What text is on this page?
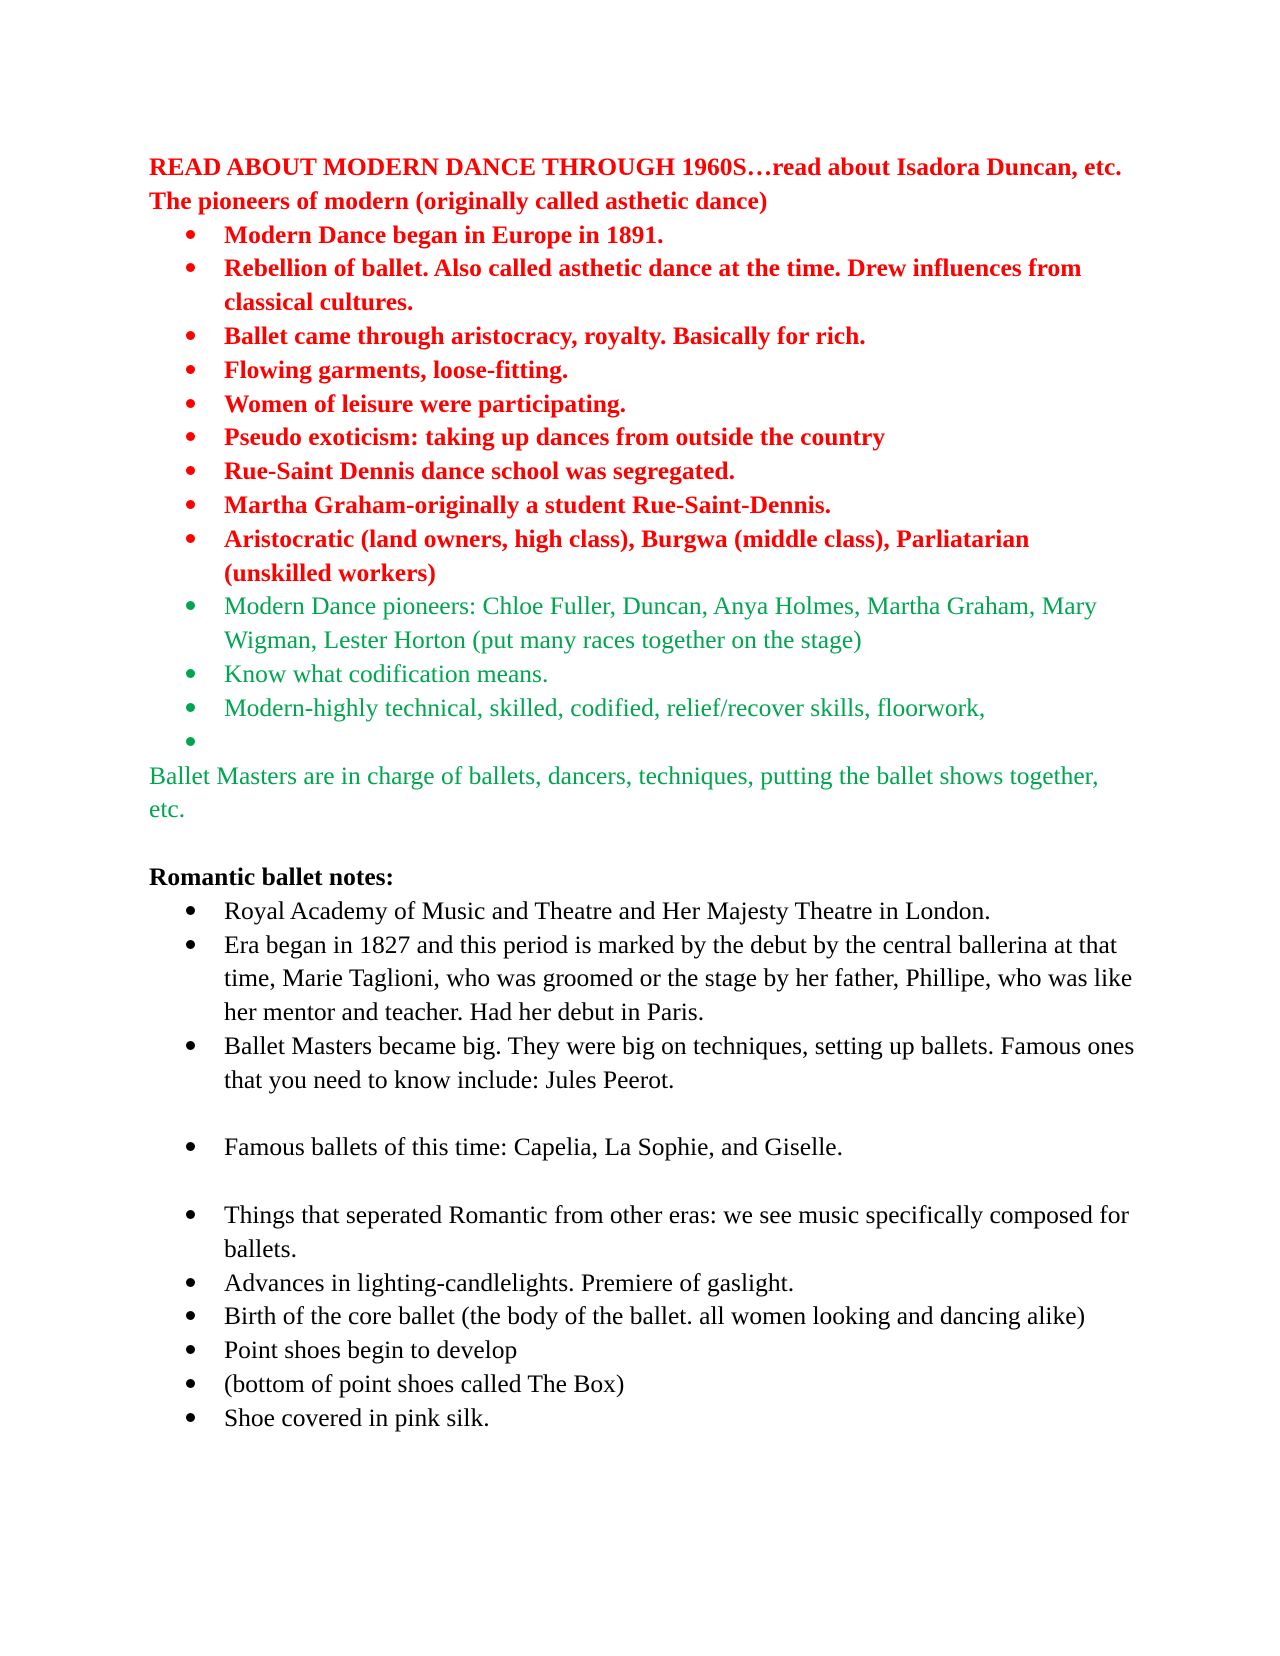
READ ABOUT MODERN DANCE THROUGH 1960S…read about Isadora Duncan, etc. The pioneers of modern (originally called asthetic dance)

Modern Dance began in Europe in 1891.
Rebellion of ballet. Also called asthetic dance at the time. Drew influences from classical cultures.
Ballet came through aristocracy, royalty. Basically for rich.
Flowing garments, loose-fitting.
Women of leisure were participating.
Pseudo exoticism: taking up dances from outside the country
Rue-Saint Dennis dance school was segregated.
Martha Graham-originally a student Rue-Saint-Dennis.
Aristocratic (land owners, high class), Burgwa (middle class), Parliatarian (unskilled workers)
Modern Dance pioneers: Chloe Fuller, Duncan, Anya Holmes, Martha Graham, Mary Wigman, Lester Horton (put many races together on the stage)
Know what codification means.
Modern-highly technical, skilled, codified, relief/recover skills, floorwork,

Ballet Masters are in charge of ballets, dancers, techniques, putting the ballet shows together, etc.

Romantic ballet notes:

Royal Academy of Music and Theatre and Her Majesty Theatre in London.
Era began in 1827 and this period is marked by the debut by the central ballerina at that time, Marie Taglioni, who was groomed or the stage by her father, Phillipe, who was like her mentor and teacher. Had her debut in Paris.
Ballet Masters became big. They were big on techniques, setting up ballets. Famous ones that you need to know include: Jules Peerot.
Famous ballets of this time: Capelia, La Sophie, and Giselle.
Things that seperated Romantic from other eras: we see music specifically composed for ballets.
Advances in lighting-candlelights. Premiere of gaslight.
Birth of the core ballet (the body of the ballet. all women looking and dancing alike)
Point shoes begin to develop
(bottom of point shoes called The Box)
Shoe covered in pink silk.
